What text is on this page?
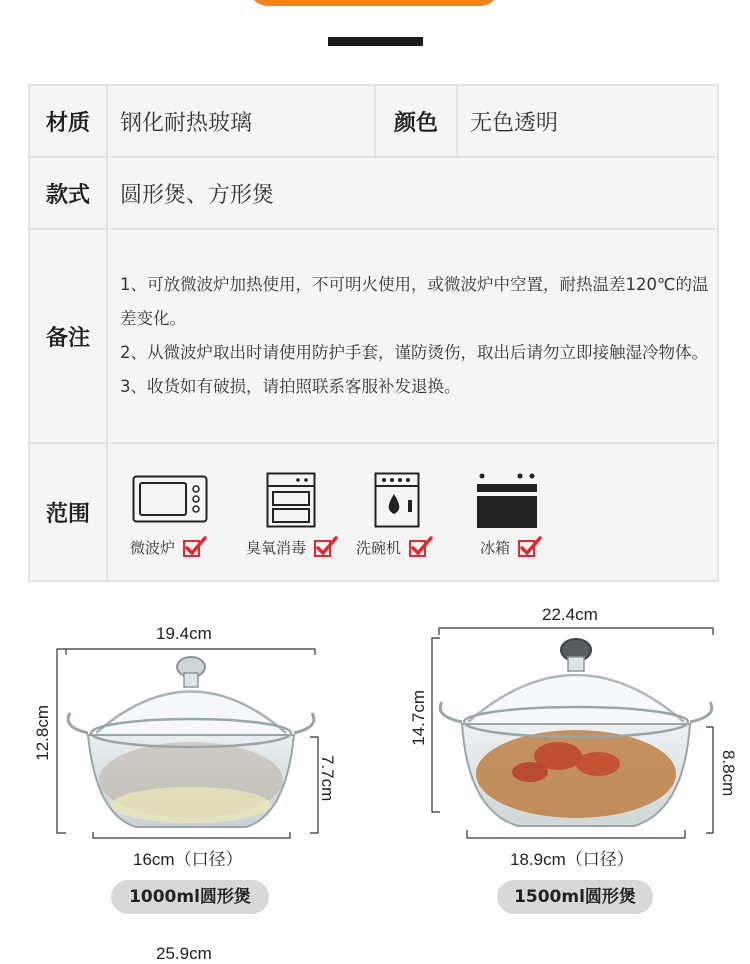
材质	钢化耐热玻璃	颜色	无色透明
款式	圆形煲、方形煲		
备注	1、可放微波炉加热使用，不可明火使用，或微波炉中空置，耐热温差120℃的温差变化。
2、从微波炉取出时请使用防护手套，谨防烫伤，取出后请勿立即接触湿冷物体。
3、收货如有破损，请拍照联系客服补发退换。		

范围	微波炉 臭氧消毒 洗碗机 冰箱		
19.4cm
12.8cm
7.7cm
16cm（口径）
1000ml圆形煲
22.4cm
14.7cm
8.8cm
18.9cm（口径）
1500ml圆形煲
25.9cm
